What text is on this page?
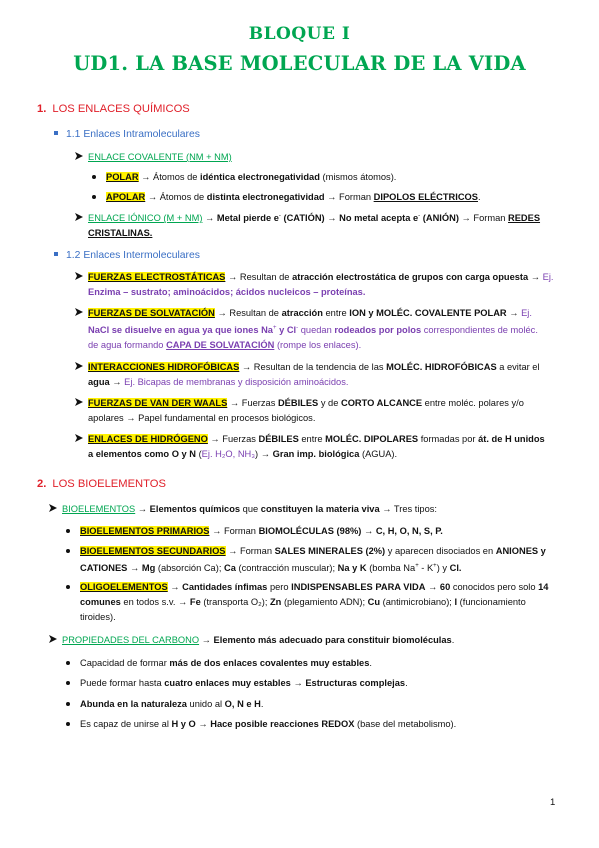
BLOQUE I
UD1. LA BASE MOLECULAR DE LA VIDA
1. LOS ENLACES QUÍMICOS
1.1 Enlaces Intramoleculares
ENLACE COVALENTE (NM + NM)
POLAR → Átomos de idéntica electronegatividad (mismos átomos).
APOLAR → Átomos de distinta electronegatividad → Forman DIPOLOS ELÉCTRICOS.
ENLACE IÓNICO (M + NM) → Metal pierde e- (CATIÓN) → No metal acepta e- (ANIÓN) → Forman REDES
CRISTALINAS.
1.2 Enlaces Intermoleculares
FUERZAS ELECTROSTÁTICAS → Resultan de atracción electrostática de grupos con carga opuesta → Ej.
Enzima – sustrato; aminoácidos; ácidos nucleicos – proteínas.
FUERZAS DE SOLVATACIÓN → Resultan de atracción entre ION y MOLÉC. COVALENTE POLAR → Ej.
NaCl se disuelve en agua ya que iones Na+ y Cl- quedan rodeados por polos correspondientes de moléc.
de agua formando CAPA DE SOLVATACIÓN (rompe los enlaces).
INTERACCIONES HIDROFÓBICAS → Resultan de la tendencia de las MOLÉC. HIDROFÓBICAS a evitar el
agua → Ej. Bicapas de membranas y disposición aminoácidos.
FUERZAS DE VAN DER WAALS → Fuerzas DÉBILES y de CORTO ALCANCE entre moléc. polares y/o
apolares → Papel fundamental en procesos biológicos.
ENLACES DE HIDRÓGENO → Fuerzas DÉBILES entre MOLÉC. DIPOLARES formadas por át. de H unidos
a elementos como O y N (Ej. H₂O, NH₃) → Gran imp. biológica (AGUA).
2. LOS BIOELEMENTOS
BIOELEMENTOS → Elementos químicos que constituyen la materia viva → Tres tipos:
BIOELEMENTOS PRIMARIOS → Forman BIOMOLÉCULAS (98%) → C, H, O, N, S, P.
BIOELEMENTOS SECUNDARIOS → Forman SALES MINERALES (2%) y aparecen disociados en ANIONES y
CATIONES → Mg (absorción Ca); Ca (contracción muscular); Na y K (bomba Na+ - K+) y Cl.
OLIGOELEMENTOS → Cantidades ínfimas pero INDISPENSABLES PARA VIDA → 60 conocidos pero solo 14
comunes en todos s.v. → Fe (transporta O₂); Zn (plegamiento ADN); Cu (antimicrobiano); I (funcionamiento
tiroides).
PROPIEDADES DEL CARBONO → Elemento más adecuado para constituir biomoléculas.
Capacidad de formar más de dos enlaces covalentes muy estables.
Puede formar hasta cuatro enlaces muy estables → Estructuras complejas.
Abunda en la naturaleza unido al O, N e H.
Es capaz de unirse al H y O → Hace posible reacciones REDOX (base del metabolismo).
1
